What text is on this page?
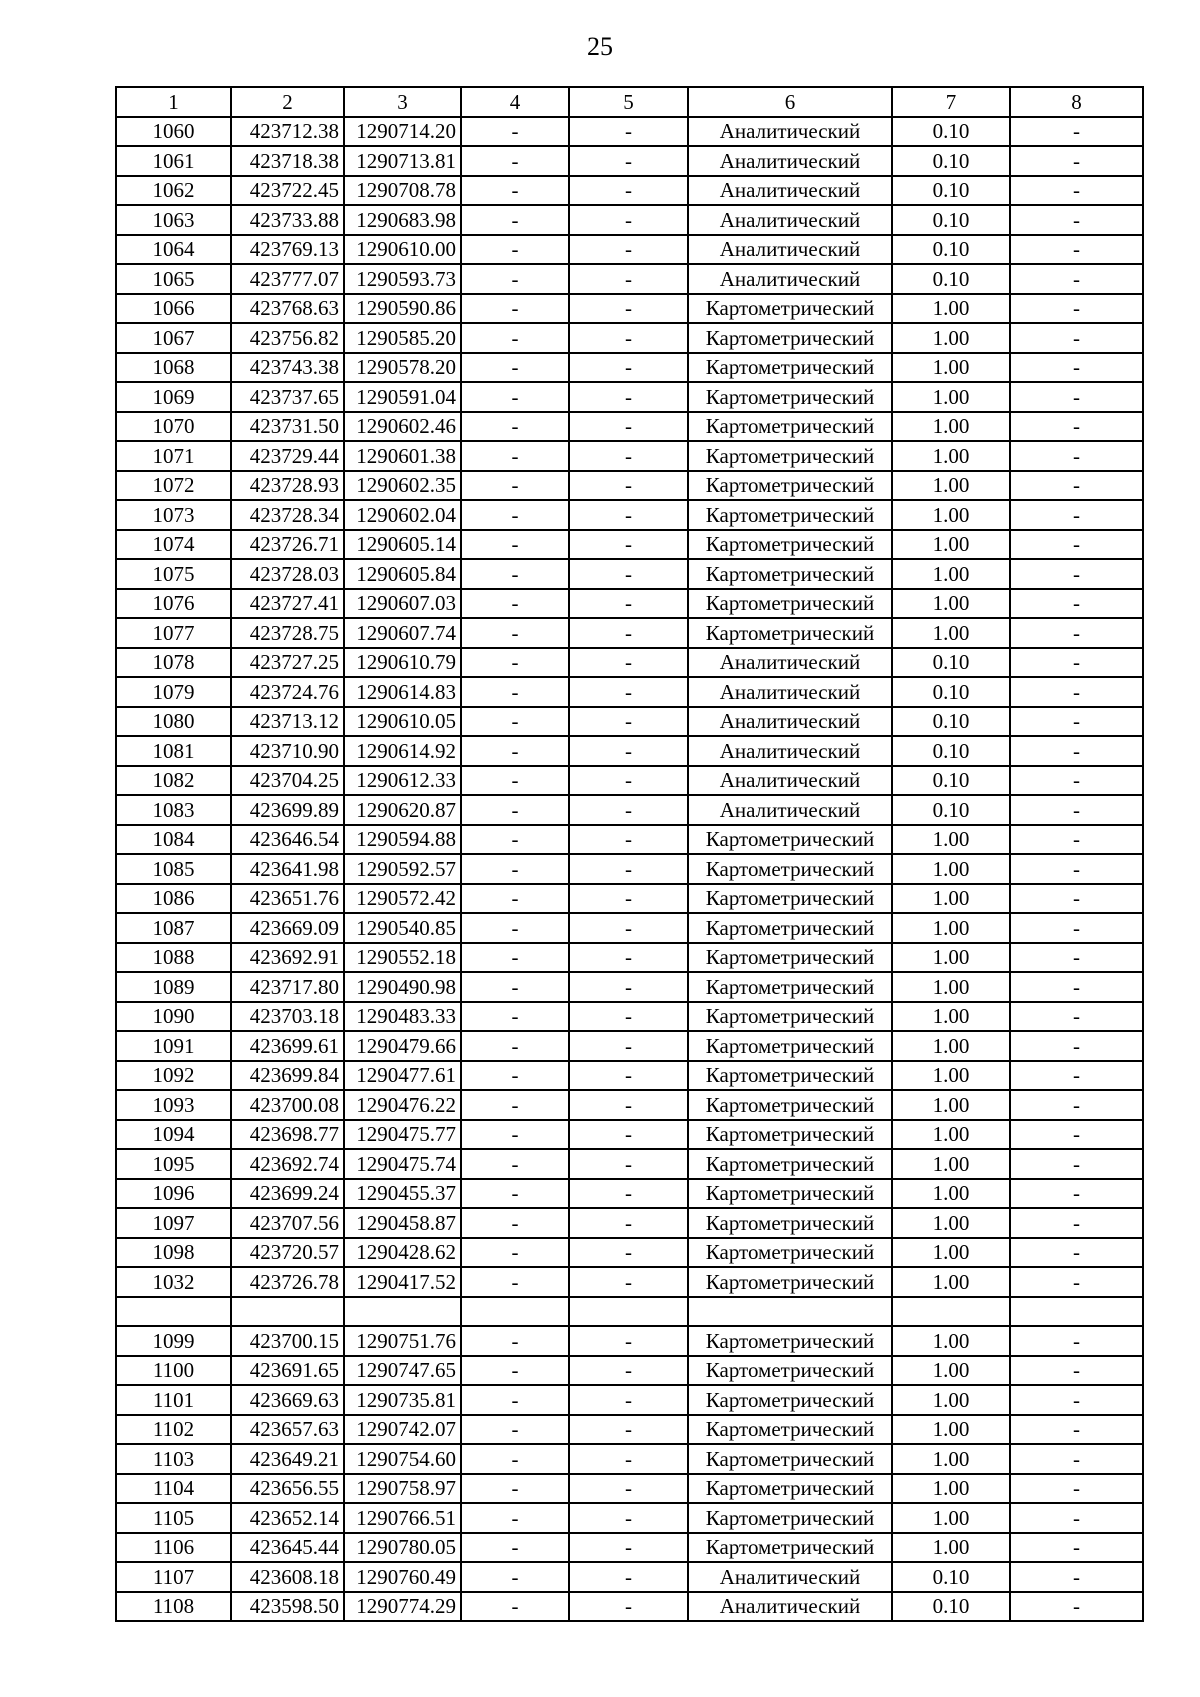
25
1	2	3	4	5	6	7	8
1060	423712.38	1290714.20	-	-	Аналитический	0.10	-
1061	423718.38	1290713.81	-	-	Аналитический	0.10	-
1062	423722.45	1290708.78	-	-	Аналитический	0.10	-
1063	423733.88	1290683.98	-	-	Аналитический	0.10	-
1064	423769.13	1290610.00	-	-	Аналитический	0.10	-
1065	423777.07	1290593.73	-	-	Аналитический	0.10	-
1066	423768.63	1290590.86	-	-	Картометрический	1.00	-
1067	423756.82	1290585.20	-	-	Картометрический	1.00	-
1068	423743.38	1290578.20	-	-	Картометрический	1.00	-
1069	423737.65	1290591.04	-	-	Картометрический	1.00	-
1070	423731.50	1290602.46	-	-	Картометрический	1.00	-
1071	423729.44	1290601.38	-	-	Картометрический	1.00	-
1072	423728.93	1290602.35	-	-	Картометрический	1.00	-
1073	423728.34	1290602.04	-	-	Картометрический	1.00	-
1074	423726.71	1290605.14	-	-	Картометрический	1.00	-
1075	423728.03	1290605.84	-	-	Картометрический	1.00	-
1076	423727.41	1290607.03	-	-	Картометрический	1.00	-
1077	423728.75	1290607.74	-	-	Картометрический	1.00	-
1078	423727.25	1290610.79	-	-	Аналитический	0.10	-
1079	423724.76	1290614.83	-	-	Аналитический	0.10	-
1080	423713.12	1290610.05	-	-	Аналитический	0.10	-
1081	423710.90	1290614.92	-	-	Аналитический	0.10	-
1082	423704.25	1290612.33	-	-	Аналитический	0.10	-
1083	423699.89	1290620.87	-	-	Аналитический	0.10	-
1084	423646.54	1290594.88	-	-	Картометрический	1.00	-
1085	423641.98	1290592.57	-	-	Картометрический	1.00	-
1086	423651.76	1290572.42	-	-	Картометрический	1.00	-
1087	423669.09	1290540.85	-	-	Картометрический	1.00	-
1088	423692.91	1290552.18	-	-	Картометрический	1.00	-
1089	423717.80	1290490.98	-	-	Картометрический	1.00	-
1090	423703.18	1290483.33	-	-	Картометрический	1.00	-
1091	423699.61	1290479.66	-	-	Картометрический	1.00	-
1092	423699.84	1290477.61	-	-	Картометрический	1.00	-
1093	423700.08	1290476.22	-	-	Картометрический	1.00	-
1094	423698.77	1290475.77	-	-	Картометрический	1.00	-
1095	423692.74	1290475.74	-	-	Картометрический	1.00	-
1096	423699.24	1290455.37	-	-	Картометрический	1.00	-
1097	423707.56	1290458.87	-	-	Картометрический	1.00	-
1098	423720.57	1290428.62	-	-	Картометрический	1.00	-
1032	423726.78	1290417.52	-	-	Картометрический	1.00	-

1099	423700.15	1290751.76	-	-	Картометрический	1.00	-
1100	423691.65	1290747.65	-	-	Картометрический	1.00	-
1101	423669.63	1290735.81	-	-	Картометрический	1.00	-
1102	423657.63	1290742.07	-	-	Картометрический	1.00	-
1103	423649.21	1290754.60	-	-	Картометрический	1.00	-
1104	423656.55	1290758.97	-	-	Картометрический	1.00	-
1105	423652.14	1290766.51	-	-	Картометрический	1.00	-
1106	423645.44	1290780.05	-	-	Картометрический	1.00	-
1107	423608.18	1290760.49	-	-	Аналитический	0.10	-
1108	423598.50	1290774.29	-	-	Аналитический	0.10	-
